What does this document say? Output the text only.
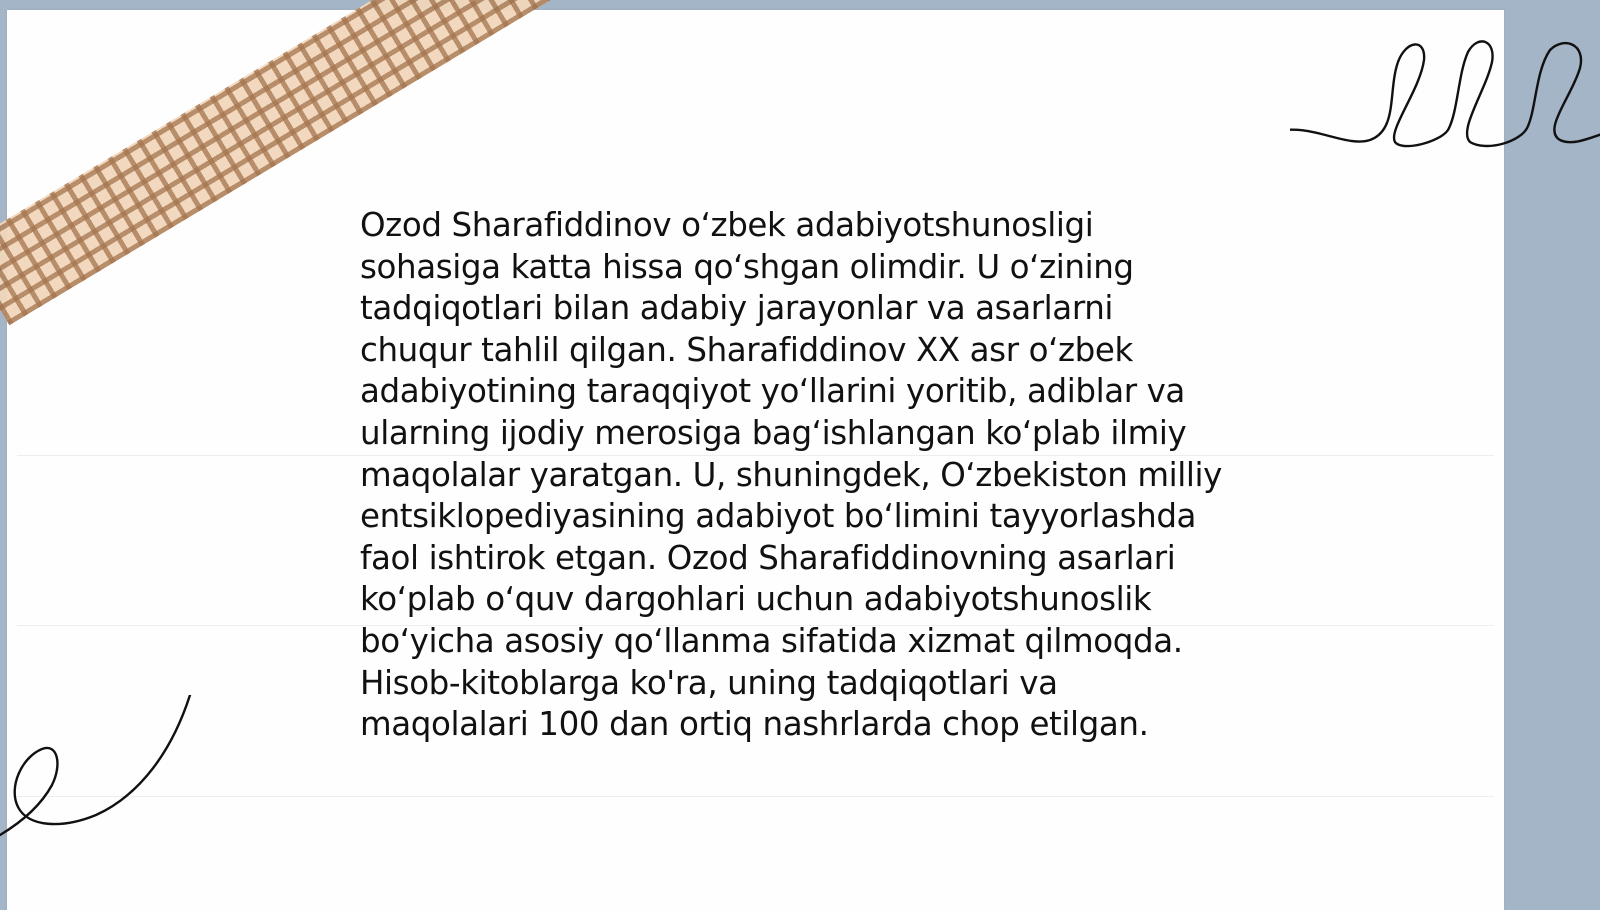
Ozod Sharafiddinov oʻzbek adabiyotshunosligi
sohasiga katta hissa qoʻshgan olimdir. U oʻzining
tadqiqotlari bilan adabiy jarayonlar va asarlarni
chuqur tahlil qilgan. Sharafiddinov XX asr oʻzbek
adabiyotining taraqqiyot yoʻllarini yoritib, adiblar va
ularning ijodiy merosiga bagʻishlangan koʻplab ilmiy
maqolalar yaratgan. U, shuningdek, Oʻzbekiston milliy
entsiklopediyasining adabiyot boʻlimini tayyorlashda
faol ishtirok etgan. Ozod Sharafiddinovning asarlari
koʻplab oʻquv dargohlari uchun adabiyotshunoslik
boʻyicha asosiy qoʻllanma sifatida xizmat qilmoqda.
Hisob-kitoblarga ko'ra, uning tadqiqotlari va
maqolalari 100 dan ortiq nashrlarda chop etilgan.
